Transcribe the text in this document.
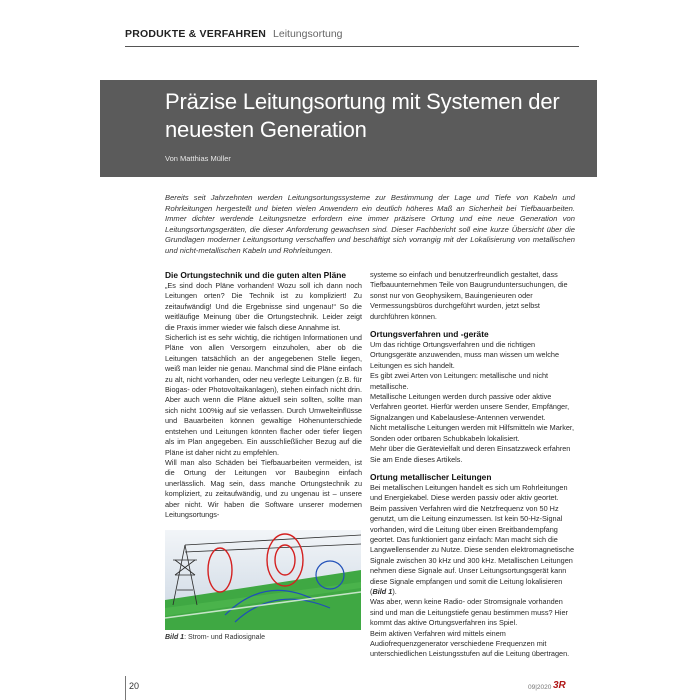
PRODUKTE & VERFAHREN Leitungsortung
Präzise Leitungsortung mit Systemen der
neuesten Generation
Von Matthias Müller
Bereits seit Jahrzehnten werden Leitungsortungssysteme zur Bestimmung der Lage und Tiefe von Kabeln und Rohrleitungen hergestellt und bieten vielen Anwendern ein deutlich höheres Maß an Sicherheit bei Tiefbauarbeiten. Immer dichter werdende Leitungsnetze erfordern eine immer präzisere Ortung und eine neue Generation von Leitungsortungsgeräten, die dieser Anforderung gewachsen sind. Dieser Fachbericht soll eine kurze Übersicht über die Grundlagen moderner Leitungsortung verschaffen und beschäftigt sich vorrangig mit der Lokalisierung von metallischen und nicht-metallischen Kabeln und Rohrleitungen.
Die Ortungstechnik und die guten alten Pläne

„Es sind doch Pläne vorhanden! Wozu soll ich dann noch Leitungen orten? Die Technik ist zu kompliziert! Zu zeitaufwändig! Und die Ergebnisse sind ungenau!“ So die weitläufige Meinung über die Ortungstechnik. Leider zeigt die Praxis immer wieder wie falsch diese Annahme ist.

Sicherlich ist es sehr wichtig, die richtigen Informationen und Pläne von allen Versorgern einzuholen, aber ob die Leitungen tatsächlich an der angegebenen Stelle liegen, weiß man leider nie genau. Manchmal sind die Pläne einfach zu alt, nicht vorhanden, oder neu verlegte Leitungen (z.B. für Biogas- oder Photovoltaikanlagen), stehen einfach nicht drin. Aber auch wenn die Pläne aktuell sein sollten, sollte man sich nicht 100%ig auf sie verlassen. Durch Umwelteinflüsse und Bauarbeiten können gewaltige Höhenunterschiede entstehen und Leitungen könnten flacher oder tiefer liegen als im Plan angegeben. Ein ausschließlicher Bezug auf die Pläne ist daher nicht zu empfehlen.

Will man also Schäden bei Tiefbauarbeiten vermeiden, ist die Ortung der Leitungen vor Baubeginn einfach unerlässlich. Mag sein, dass manche Ortungstechnik zu kompliziert, zu zeitaufwändig, und zu ungenau ist – unsere aber nicht. Wir haben die Software unserer modernen Leitungsortungs-

Bild 1: Strom- und Radiosignale

systeme so einfach und benutzerfreundlich gestaltet, dass Tiefbauunternehmen Teile von Baugrunduntersuchungen, die sonst nur von Geophysikern, Bauingenieuren oder Vermessungsbüros durchgeführt wurden, jetzt selbst durchführen können.

Ortungsverfahren und -geräte

Um das richtige Ortungsverfahren und die richtigen Ortungsgeräte anzuwenden, muss man wissen um welche Leitungen es sich handelt.

Es gibt zwei Arten von Leitungen: metallische und nicht metallische.

Metallische Leitungen werden durch passive oder aktive Verfahren geortet. Hierfür werden unsere Sender, Empfänger, Signalzangen und Kabelauslese-Antennen verwendet.

Nicht metallische Leitungen werden mit Hilfsmitteln wie Marker, Sonden oder ortbaren Schubkabeln lokalisiert.

Mehr über die Gerätevielfalt und deren Einsatzzweck erfahren Sie am Ende dieses Artikels.

Ortung metallischer Leitungen

Bei metallischen Leitungen handelt es sich um Rohrleitungen und Energiekabel. Diese werden passiv oder aktiv geortet.

Beim passiven Verfahren wird die Netzfrequenz von 50 Hz genutzt, um die Leitung einzumessen. Ist kein 50-Hz-Signal vorhanden, wird die Leitung über einen Breitbandempfang geortet. Das funktioniert ganz einfach: Man macht sich die Langwellensender zu Nutze. Diese senden elektromagnetische Signale zwischen 30 kHz und 300 kHz. Metallischen Leitungen nehmen diese Signale auf. Unser Leitungsortungsgerät kann diese Signale empfangen und somit die Leitung lokalisieren (Bild 1).

Was aber, wenn keine Radio- oder Stromsignale vorhanden sind und man die Leitungstiefe genau bestimmen muss? Hier kommt das aktive Ortungsverfahren ins Spiel.

Beim aktiven Verfahren wird mittels einem Audiofrequenzgenerator verschiedene Frequenzen mit unterschiedlichen Leistungsstufen auf die Leitung übertragen.

20	09|2020 3R
